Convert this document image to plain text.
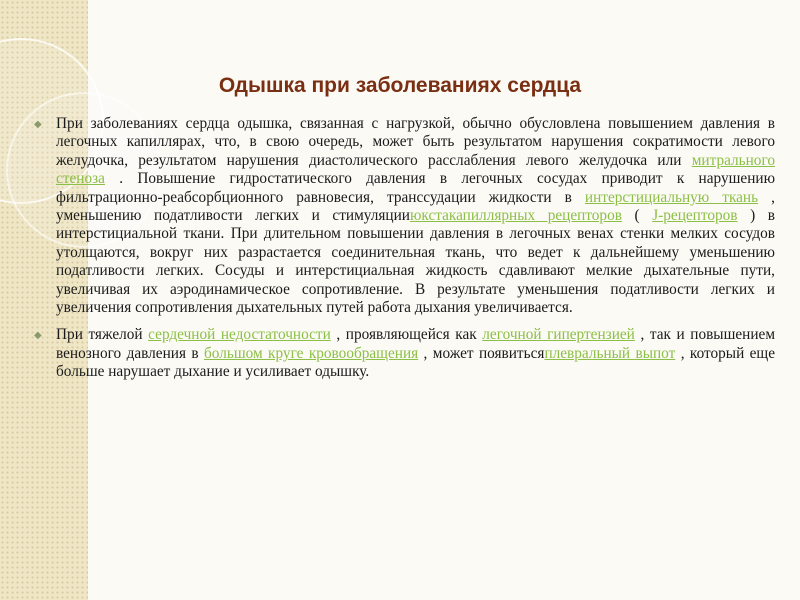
Одышка при заболеваниях сердца
◆ При заболеваниях сердца одышка, связанная с нагрузкой, обычно обусловлена повышением давления в легочных капиллярах, что, в свою очередь, может быть результатом нарушения сократимости левого желудочка, результатом нарушения диастолического расслабления левого желудочка или митрального стеноза . Повышение гидростатического давления в легочных сосудах приводит к нарушению фильтрационно-реабсорбционного равновесия, транссудации жидкости в интерстициальную ткань , уменьшению податливости легких и стимуляцииюкстакапиллярных рецепторов ( J-рецепторов ) в интерстициальной ткани. При длительном повышении давления в легочных венах стенки мелких сосудов утолщаются, вокруг них разрастается соединительная ткань, что ведет к дальнейшему уменьшению податливости легких. Сосуды и интерстициальная жидкость сдавливают мелкие дыхательные пути, увеличивая их аэродинамическое сопротивление. В результате уменьшения податливости легких и увеличения сопротивления дыхательных путей работа дыхания увеличивается.
◆ При тяжелой сердечной недостаточности , проявляющейся как легочной гипертензией , так и повышением венозного давления в большом круге кровообращения , может появитьсяплевральный выпот , который еще больше нарушает дыхание и усиливает одышку.
